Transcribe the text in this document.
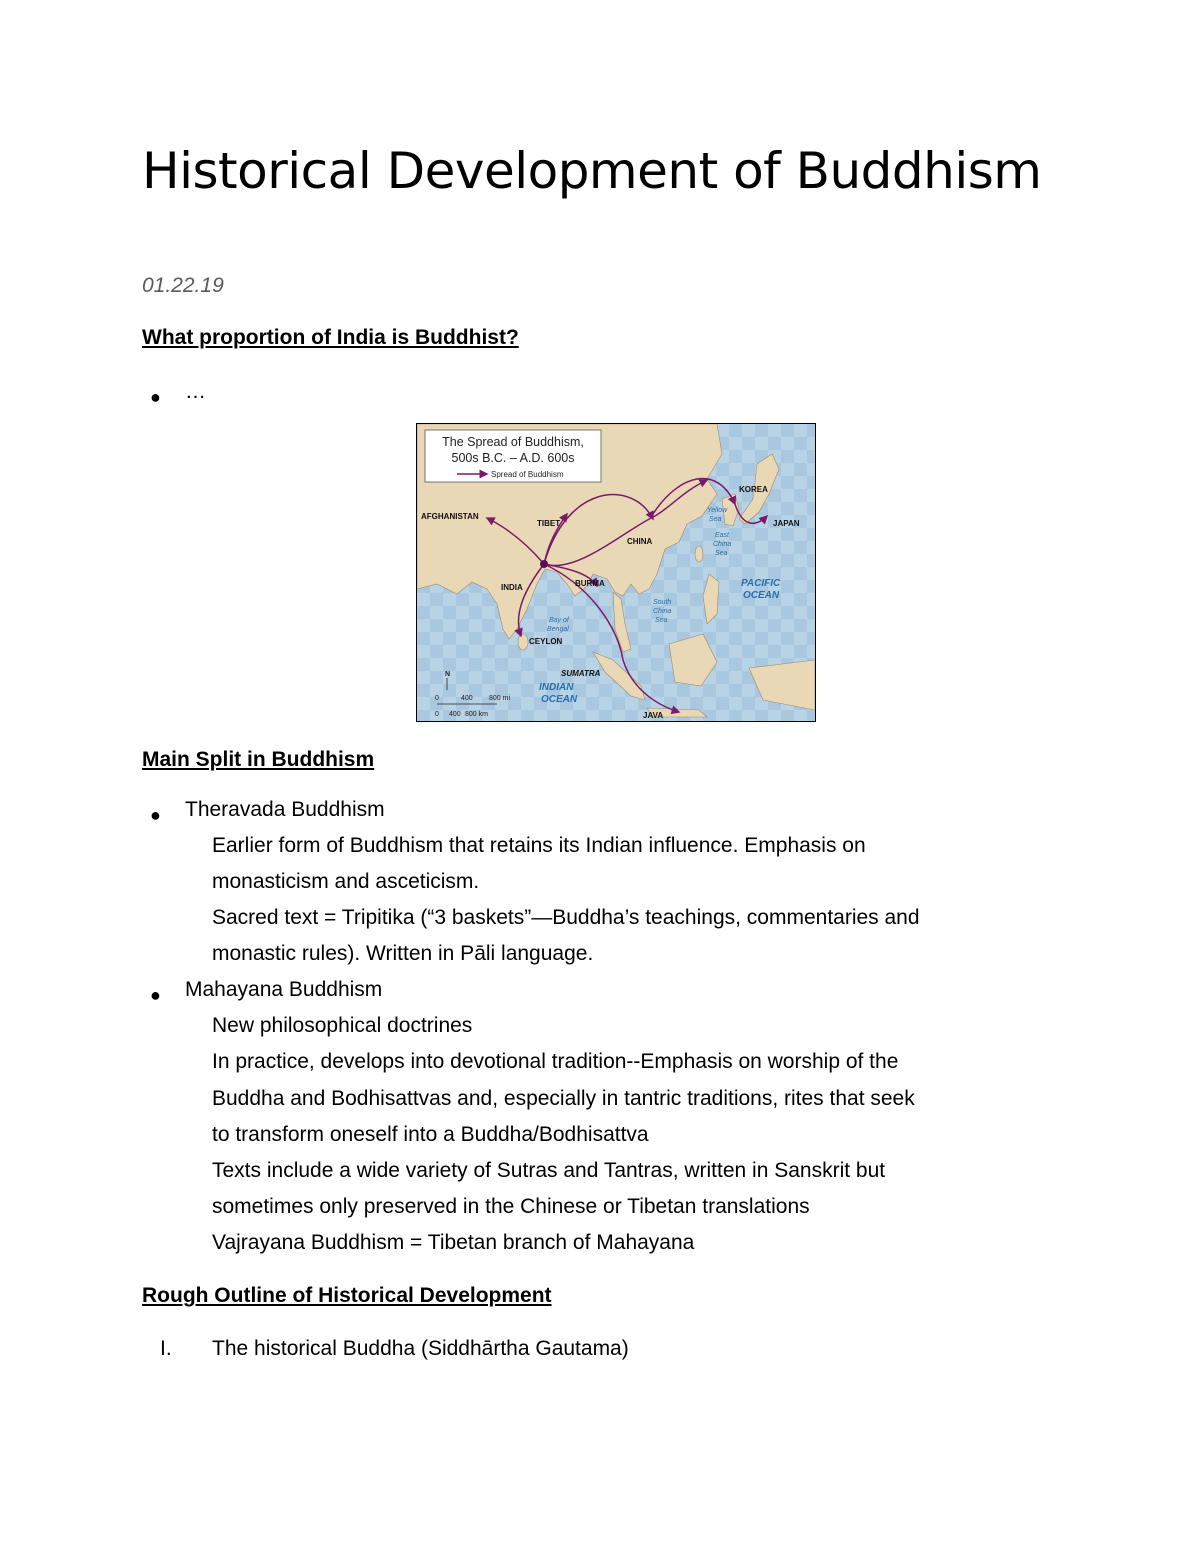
Historical Development of Buddhism

01.22.19

What proportion of India is Buddhist?

● …

The Spread of Buddhism,
500s B.C. – A.D. 600s
Spread of Buddhism
KOREA
AFGHANISTAN
TIBET	JAPAN
CHINA
INDIA	BURMA
CEYLON
SUMATRA
JAVA
Yellow
Sea
East
China
Sea
PACIFIC
OCEAN
Bay of
Bengal
South
China
Sea
INDIAN
OCEAN
N
0	400 800 mi
0 400 800 km

Main Split in Buddhism

● Theravada Buddhism

Earlier form of Buddhism that retains its Indian influence. Emphasis on

monasticism and asceticism.

Sacred text = Tripitika (“3 baskets”—Buddha’s teachings, commentaries and

monastic rules). Written in Pāli language.

● Mahayana Buddhism

New philosophical doctrines

In practice, develops into devotional tradition--Emphasis on worship of the

Buddha and Bodhisattvas and, especially in tantric traditions, rites that seek

to transform oneself into a Buddha/Bodhisattva

Texts include a wide variety of Sutras and Tantras, written in Sanskrit but

sometimes only preserved in the Chinese or Tibetan translations

Vajrayana Buddhism = Tibetan branch of Mahayana

Rough Outline of Historical Development

I. The historical Buddha (Siddhārtha Gautama)
